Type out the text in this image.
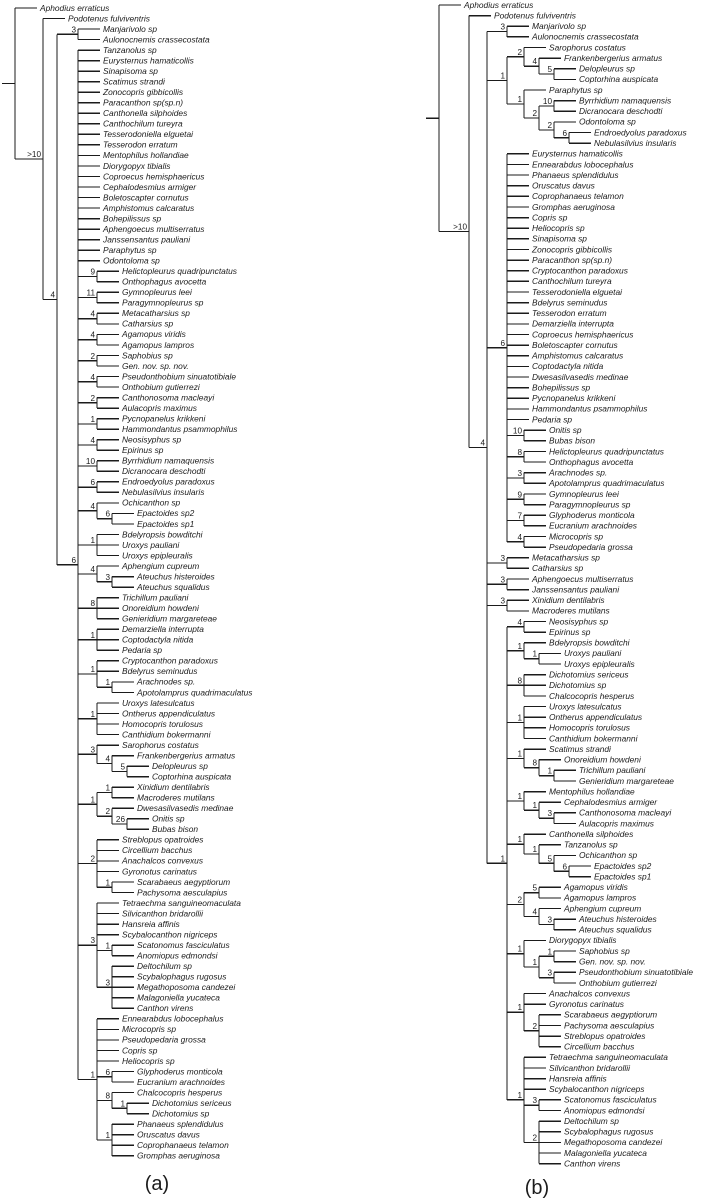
Aphodius erraticus
>10
Podotenus fulviventris
4
3	Manjarivolo sp
Aulonocnemis crassecostata
6
Tanzanolus sp
Eurysternus hamaticollis
Sinapisoma sp
Scatimus strandi
Zonocopris gibbicollis
Paracanthon sp(sp.n)
Canthonella silphoides
Canthochilum tureyra
Tesserodoniella elguetai
Tesserodon erratum
Mentophilus hollandiae
Diorygopyx tibialis
Coproecus hemisphaericus
Cephalodesmius armiger
Boletoscapter cornutus
Amphistomus calcaratus
Bohepilissus sp
Aphengoecus multiserratus
Janssensantus pauliani
Paraphytus sp
Odontoloma sp
9	Helictopleurus quadripunctatus
Onthophagus avocetta
11	Gymnopleurus leei
Paragymnopleurus sp
4	Metacatharsius sp
Catharsius sp
4	Agamopus viridis
Agamopus lampros
2	Saphobius sp
Gen. nov. sp. nov.
4	Pseudonthobium sinuatotibiale
Onthobium gutierrezi
2	Canthonosoma macleayi
Aulacopris maximus
1	Pycnopanelus krikkeni
Hammondantus psammophilus
4	Neosisyphus sp
Epirinus sp
10	Byrrhidium namaquensis
Dicranocara deschodti
6	Endroedyolus paradoxus
Nebulasilvius insularis
4	Ochicanthon sp
6	Epactoides sp2
Epactoides sp1
1
Bdelyropsis bowditchi
Uroxys pauliani
Uroxys epipleuralis
4	Aphengium cupreum
3	Ateuchus histeroides
Ateuchus squalidus
8
Trichillum pauliani
Onoreidium howdeni
Genieridium margareteae
1
Demarziella interrupta
Coptodactyla nitida
Pedaria sp
1
Cryptocanthon paradoxus
Bdelyrus seminudus
1	Arachnodes sp.
Apotolamprus quadrimaculatus
1
Uroxys latesulcatus
Ontherus appendiculatus
Homocopris torulosus
Canthidium bokermanni
3	Sarophorus costatus
4	Frankenbergerius armatus
5	Delopleurus sp
Coptorhina auspicata
1
1	Xinidium dentilabris
Macroderes mutilans
2	Dwesasilvasedis medinae
26	Onitis sp
Bubas bison
2
Streblopus opatroides
Circellium bacchus
Anachalcos convexus
Gyronotus carinatus
1	Scarabaeus aegyptiorum
Pachysoma aesculapius
3
Tetraechma sanguineomaculata
Silvicanthon bridarollii
Hansreia affinis
Scybalocanthon nigriceps
1	Scatonomus fasciculatus
Anomiopus edmondsi
3
Deltochilum sp
Scybalophagus rugosus
Megathoposoma candezei
Malagoniella yucateca
Canthon virens
1
Ennearabdus lobocephalus
Microcopris sp
Pseudopedaria grossa
Copris sp
Heliocopris sp
6	Glyphoderus monticola
Eucranium arachnoides
8	Chalcocopris hesperus
1	Dichotomius sericeus
Dichotomius sp
1
Phanaeus splendidulus
Oruscatus davus
Coprophanaeus telamon
Gromphas aeruginosa
Aphodius erraticus
>10
Podotenus fulviventris
4
3	Manjarivolo sp
Aulonocnemis crassecostata
1
2
Sarophorus costatus
4	Frankenbergerius armatus
5	Delopleurus sp
Coptorhina auspicata
1
Paraphytus sp
2
10	Byrrhidium namaquensis
Dicranocara deschodti
2	Odontoloma sp
6	Endroedyolus paradoxus
Nebulasilvius insularis
6
Eurysternus hamaticollis
Ennearabdus lobocephalus
Phanaeus splendidulus
Oruscatus davus
Coprophanaeus telamon
Gromphas aeruginosa
Copris sp
Heliocopris sp
Sinapisoma sp
Zonocopris gibbicollis
Paracanthon sp(sp.n)
Cryptocanthon paradoxus
Canthochilum tureyra
Tesserodoniella elguetai
Bdelyrus seminudus
Tesserodon erratum
Demarziella interrupta
Coproecus hemisphaericus
Boletoscapter cornutus
Amphistomus calcaratus
Coptodactyla nitida
Dwesasilvasedis medinae
Bohepilissus sp
Pycnopanelus krikkeni
Hammondantus psammophilus
Pedaria sp
10	Onitis sp
Bubas bison
8	Helictopleurus quadripunctatus
Onthophagus avocetta
3	Arachnodes sp.
Apotolamprus quadrimaculatus
9	Gymnopleurus leei
Paragymnopleurus sp
7	Glyphoderus monticola
Eucranium arachnoides
4	Microcopris sp
Pseudopedaria grossa
3	Metacatharsius sp
Catharsius sp
3	Aphengoecus multiserratus
Janssensantus pauliani
3	Xinidium dentilabris
Macroderes mutilans
1
4	Neosisyphus sp
Epirinus sp
1	Bdelyropsis bowditchi
1	Uroxys pauliani
Uroxys epipleuralis
8
Dichotomius sericeus
Dichotomius sp
Chalcocopris hesperus
1
Uroxys latesulcatus
Ontherus appendiculatus
Homocopris torulosus
Canthidium bokermanni
1
Scatimus strandi
8	Onoreidium howdeni
1	Trichillum pauliani
Genieridium margareteae
1
Mentophilus hollandiae
1	Cephalodesmius armiger
3	Canthonosoma macleayi
Aulacopris maximus
1
Canthonella silphoides
1
Tanzanolus sp
5	Ochicanthon sp
6	Epactoides sp2
Epactoides sp1
2
5	Agamopus viridis
Agamopus lampros
4	Aphengium cupreum
3	Ateuchus histeroides
Ateuchus squalidus
1
Diorygopyx tibialis
1
1	Saphobius sp
Gen. nov. sp. nov.
3	Pseudonthobium sinuatotibiale
Onthobium gutierrezi
1
Anachalcos convexus
Gyronotus carinatus
2
Scarabaeus aegyptiorum
Pachysoma aesculapius
Streblopus opatroides
Circellium bacchus
1
Tetraechma sanguineomaculata
Silvicanthon bridarollii
Hansreia affinis
Scybalocanthon nigriceps
3	Scatonomus fasciculatus
Anomiopus edmondsi
2
Deltochilum sp
Scybalophagus rugosus
Megathoposoma candezei
Malagoniella yucateca
Canthon virens
(a)	(b)
